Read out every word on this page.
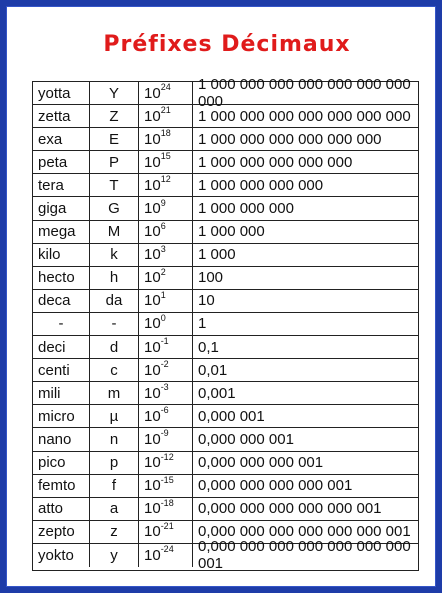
Préfixes Décimaux
yotta	Y	10 24	1 000 000 000 000 000 000 000 000
zetta	Z	10 21	1 000 000 000 000 000 000 000
exa	E	10 18	1 000 000 000 000 000 000
peta	P	10 15	1 000 000 000 000 000
tera	T	10 12	1 000 000 000 000
giga	G	10 9	1 000 000 000
mega	M	10 6	1 000 000
kilo	k	10 3	1 000
hecto	h	10 2	100
deca	da	10 1	10
-	-	10 0	1
deci	d	10 -1	0,1
centi	c	10 -2	0,01
mili	m	10 -3	0,001
micro	µ	10 -6	0,000 001
nano	n	10 -9	0,000 000 001
pico	p	10 -12	0,000 000 000 001
femto	f	10 -15	0,000 000 000 000 001
atto	a	10 -18	0,000 000 000 000 000 001
zepto	z	10 -21	0,000 000 000 000 000 000 001
yokto	y	10 -24	0,000 000 000 000 000 000 000 001
